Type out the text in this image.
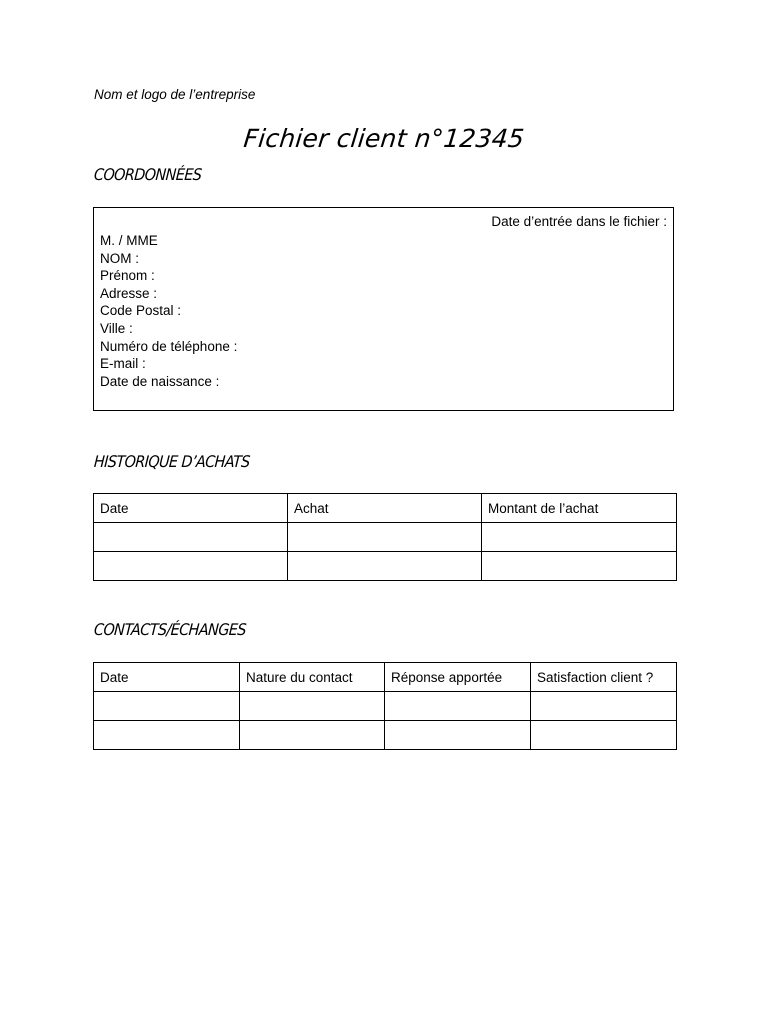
Nom et logo de l’entreprise
Fichier client n°12345
COORDONNÉES
Date d’entrée dans le fichier :
M. / MME
NOM :
Prénom :
Adresse :
Code Postal :
Ville :
Numéro de téléphone :
E-mail :
Date de naissance :
HISTORIQUE D’ACHATS
Date	Achat	Montant de l’achat

CONTACTS/ÉCHANGES
Date	Nature du contact	Réponse apportée	Satisfaction client ?
